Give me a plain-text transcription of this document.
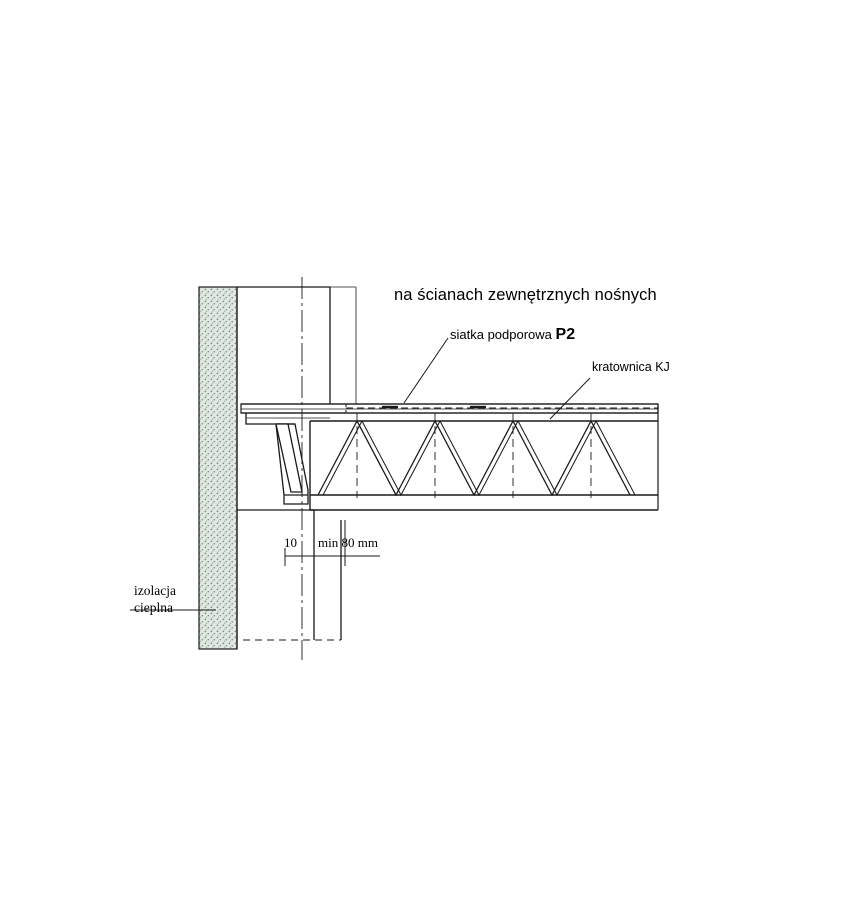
na ścianach zewnętrznych nośnych
siatka podporowa P2
kratownica KJ
10 min 80 mm
izolacja
cieplna
